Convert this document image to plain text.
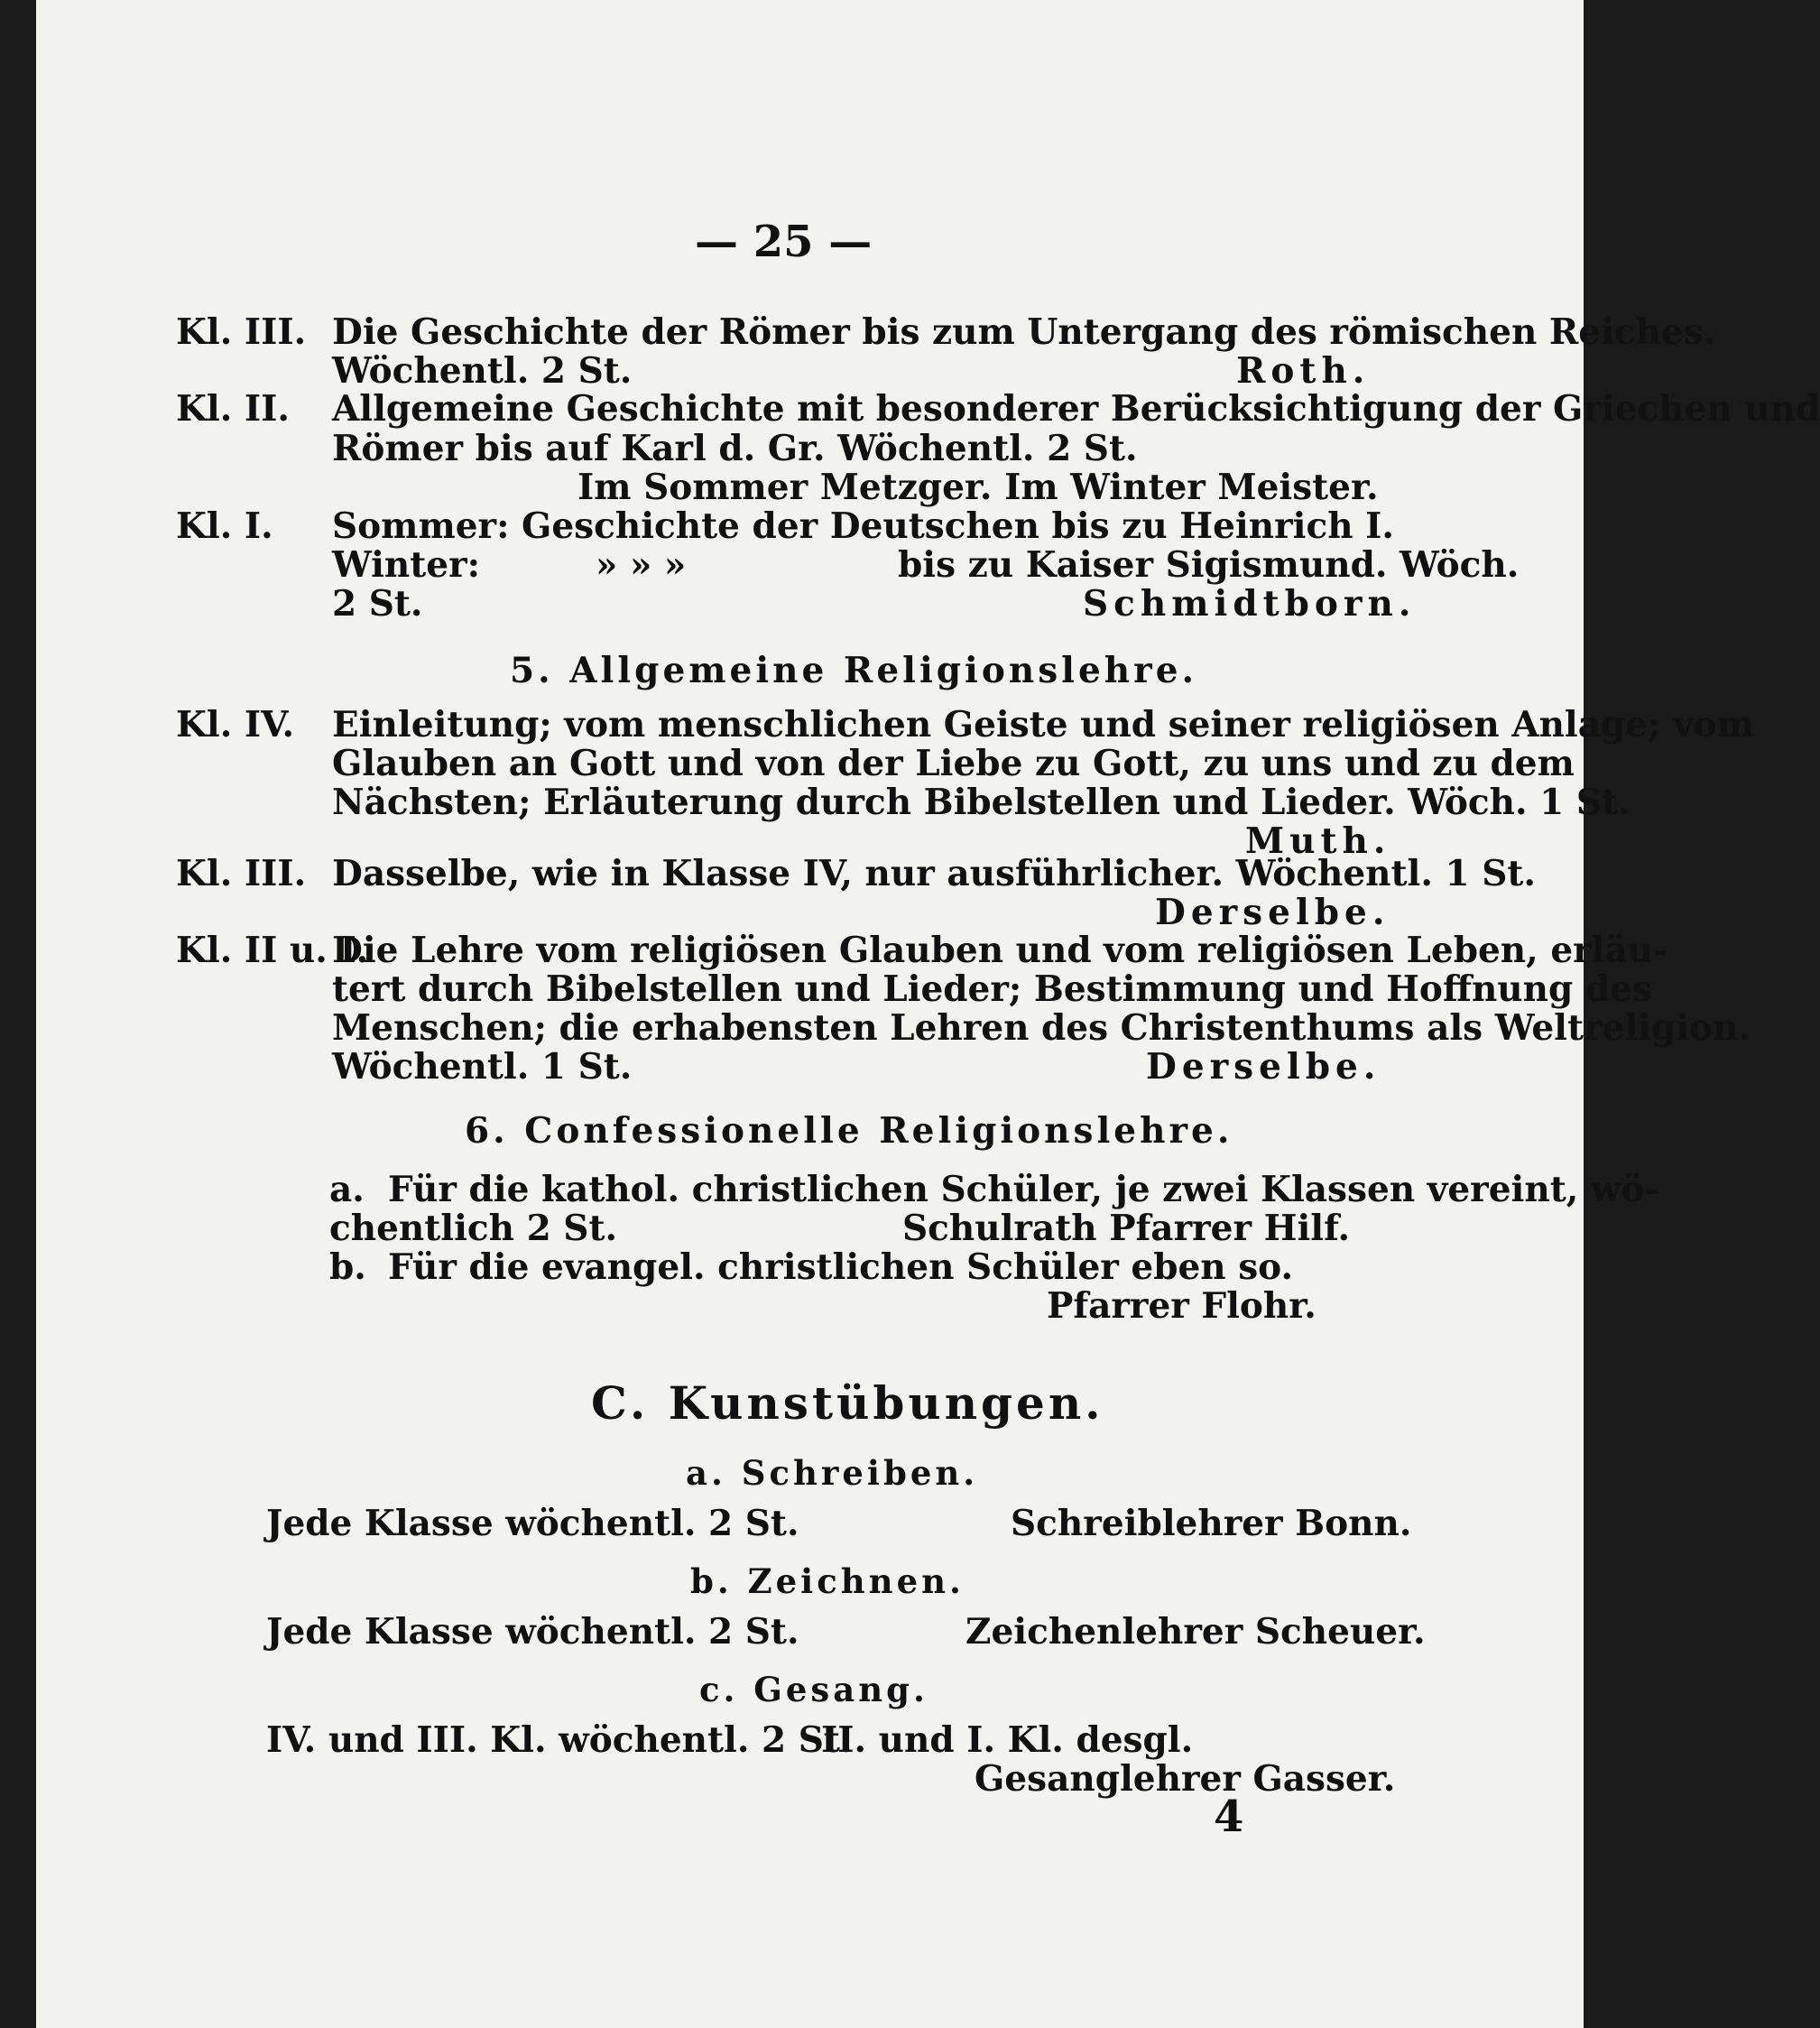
— 25 —
Kl. III. Die Geschichte der Römer bis zum Untergang des römischen Reiches.
Wöchentl. 2 St.	Roth.
Kl. II. Allgemeine Geschichte mit besonderer Berücksichtigung der Griechen und
Römer bis auf Karl d. Gr. Wöchentl. 2 St.
Im Sommer Metzger. Im Winter Meister.
Kl. I. Sommer: Geschichte der Deutschen bis zu Heinrich I.
Winter:	» » »	bis zu Kaiser Sigismund. Wöch.
2 St.	Schmidtborn.
5. Allgemeine Religionslehre.
Kl. IV. Einleitung; vom menschlichen Geiste und seiner religiösen Anlage; vom
Glauben an Gott und von der Liebe zu Gott, zu uns und zu dem
Nächsten; Erläuterung durch Bibelstellen und Lieder. Wöch. 1 St.
Muth.
Kl. III. Dasselbe, wie in Klasse IV, nur ausführlicher. Wöchentl. 1 St.
Derselbe.
Kl. II u. I.
Die Lehre vom religiösen Glauben und vom religiösen Leben, erläu-
tert durch Bibelstellen und Lieder; Bestimmung und Hoffnung des
Menschen; die erhabensten Lehren des Christenthums als Weltreligion.
Wöchentl. 1 St.	Derselbe.
6. Confessionelle Religionslehre.
a. Für die kathol. christlichen Schüler, je zwei Klassen vereint, wö-
chentlich 2 St.	Schulrath Pfarrer Hilf.
b. Für die evangel. christlichen Schüler eben so.
Pfarrer Flohr.
C. Kunstübungen.
a. Schreiben.
Jede Klasse wöchentl. 2 St.	Schreiblehrer Bonn.
b. Zeichnen.
Jede Klasse wöchentl. 2 St.	Zeichenlehrer Scheuer.
c. Gesang.
IV. und III. Kl. wöchentl. 2 St.
II. und I. Kl. desgl.
Gesanglehrer Gasser.
4
